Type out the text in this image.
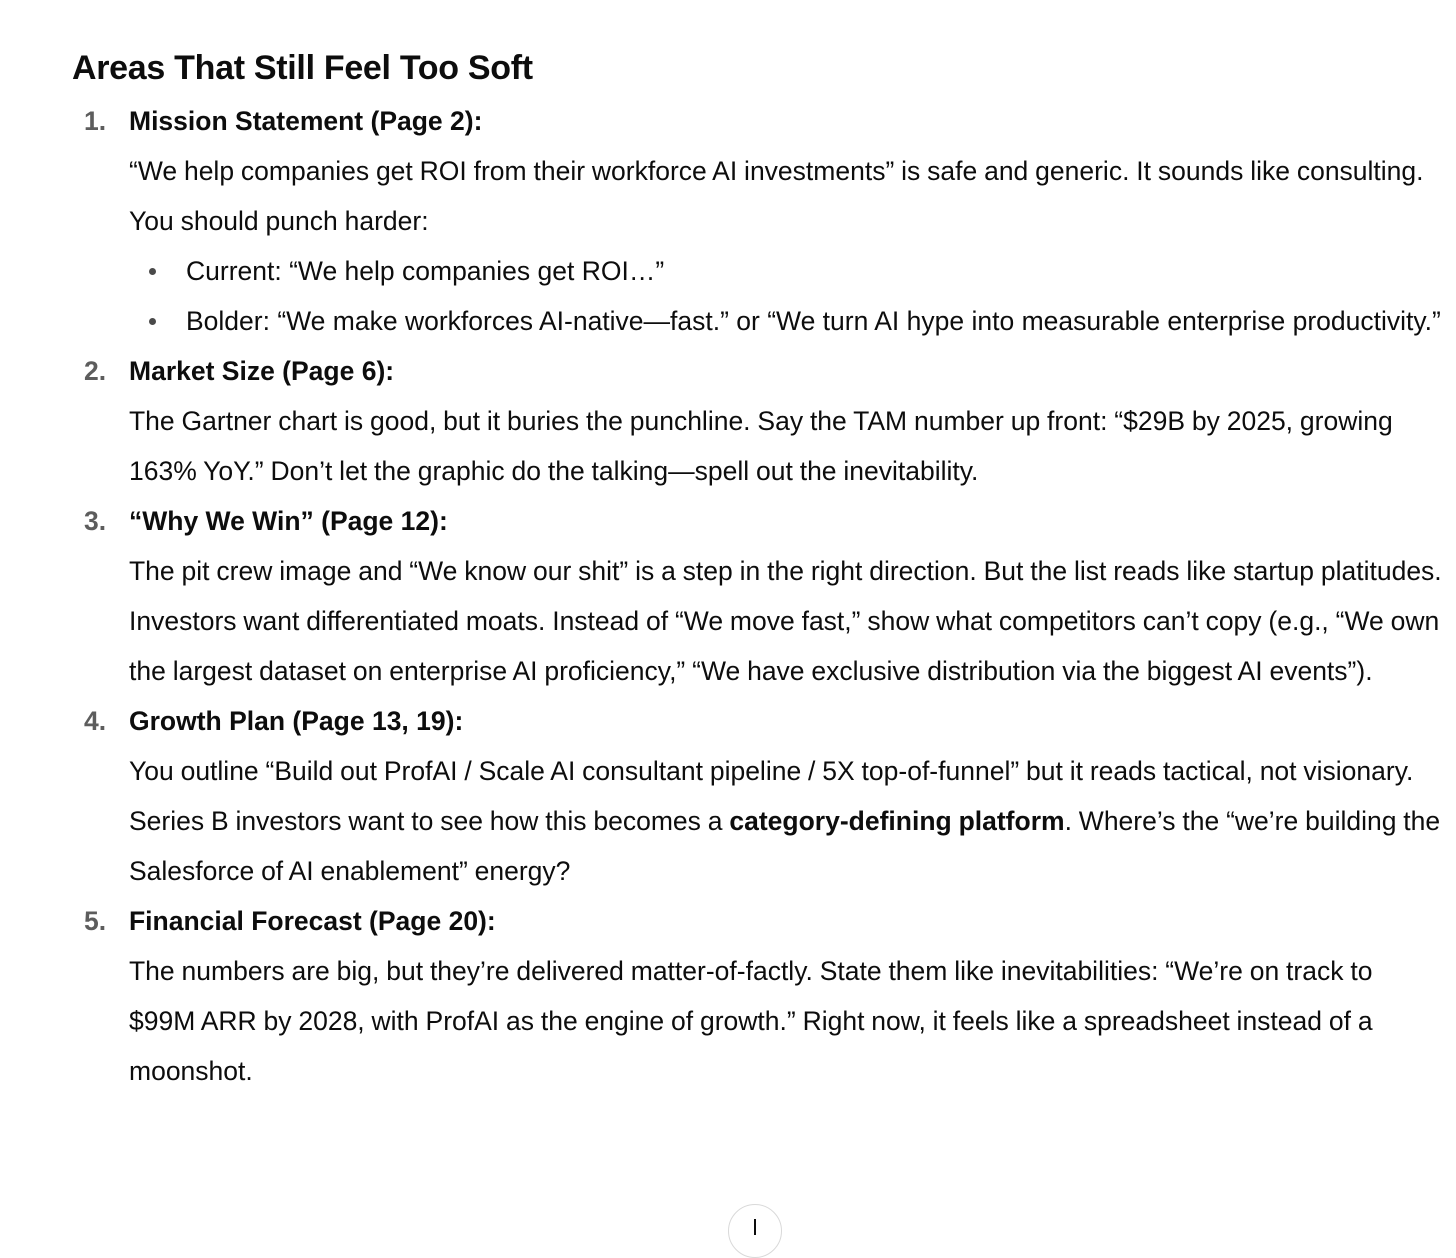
Areas That Still Feel Too Soft
1. Mission Statement (Page 2):
“We help companies get ROI from their workforce AI investments” is safe and generic. It sounds like consulting. You should punch harder:
Current: “We help companies get ROI…”
Bolder: “We make workforces AI-native—fast.” or “We turn AI hype into measurable enterprise productivity.”
2. Market Size (Page 6):
The Gartner chart is good, but it buries the punchline. Say the TAM number up front: “$29B by 2025, growing 163% YoY.” Don’t let the graphic do the talking—spell out the inevitability.
3. “Why We Win” (Page 12):
The pit crew image and “We know our shit” is a step in the right direction. But the list reads like startup platitudes. Investors want differentiated moats. Instead of “We move fast,” show what competitors can’t copy (e.g., “We own the largest dataset on enterprise AI proficiency,” “We have exclusive distribution via the biggest AI events”).
4. Growth Plan (Page 13, 19):
You outline “Build out ProfAI / Scale AI consultant pipeline / 5X top-of-funnel” but it reads tactical, not visionary. Series B investors want to see how this becomes a category-defining platform. Where’s the “we’re building the Salesforce of AI enablement” energy?
5. Financial Forecast (Page 20):
The numbers are big, but they’re delivered matter-of-factly. State them like inevitabilities: “We’re on track to $99M ARR by 2028, with ProfAI as the engine of growth.” Right now, it feels like a spreadsheet instead of a moonshot.
